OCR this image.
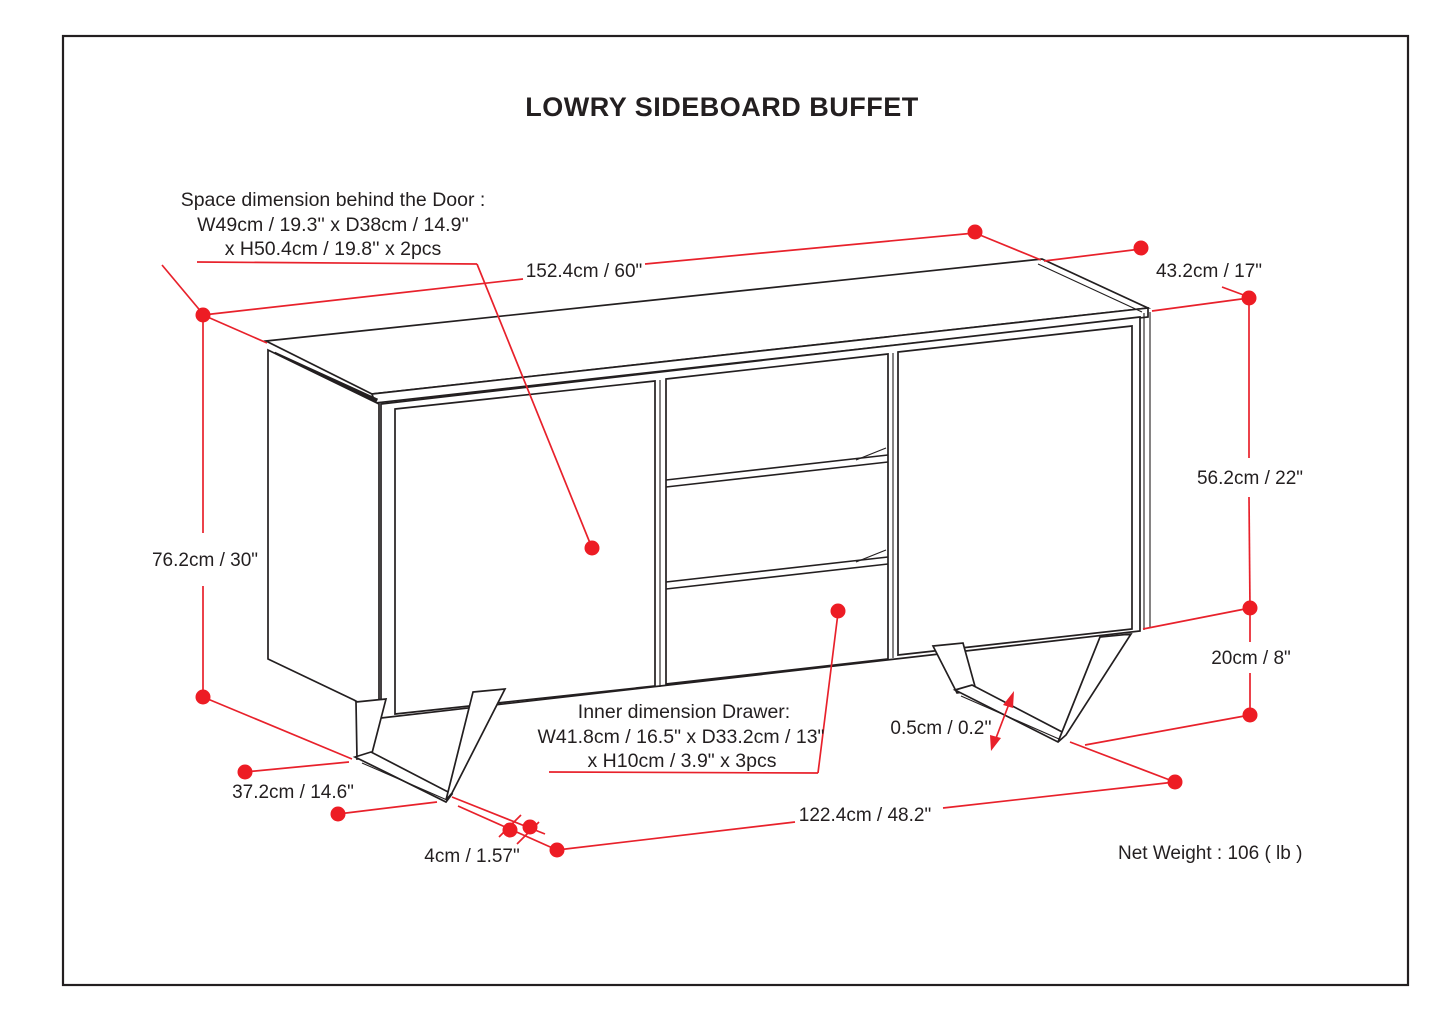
LOWRY SIDEBOARD BUFFET
152.4cm / 60"	43.2cm / 17"
56.2cm / 22"
20cm / 8"
76.2cm / 30"
37.2cm / 14.6"
4cm / 1.57"
122.4cm / 48.2"
0.5cm / 0.2''
Net Weight : 106 ( lb )
Space dimension behind the Door :
W49cm / 19.3'' x D38cm / 14.9''
x H50.4cm / 19.8'' x 2pcs
Inner dimension Drawer:
W41.8cm / 16.5" x D33.2cm / 13"
x H10cm / 3.9" x 3pcs
